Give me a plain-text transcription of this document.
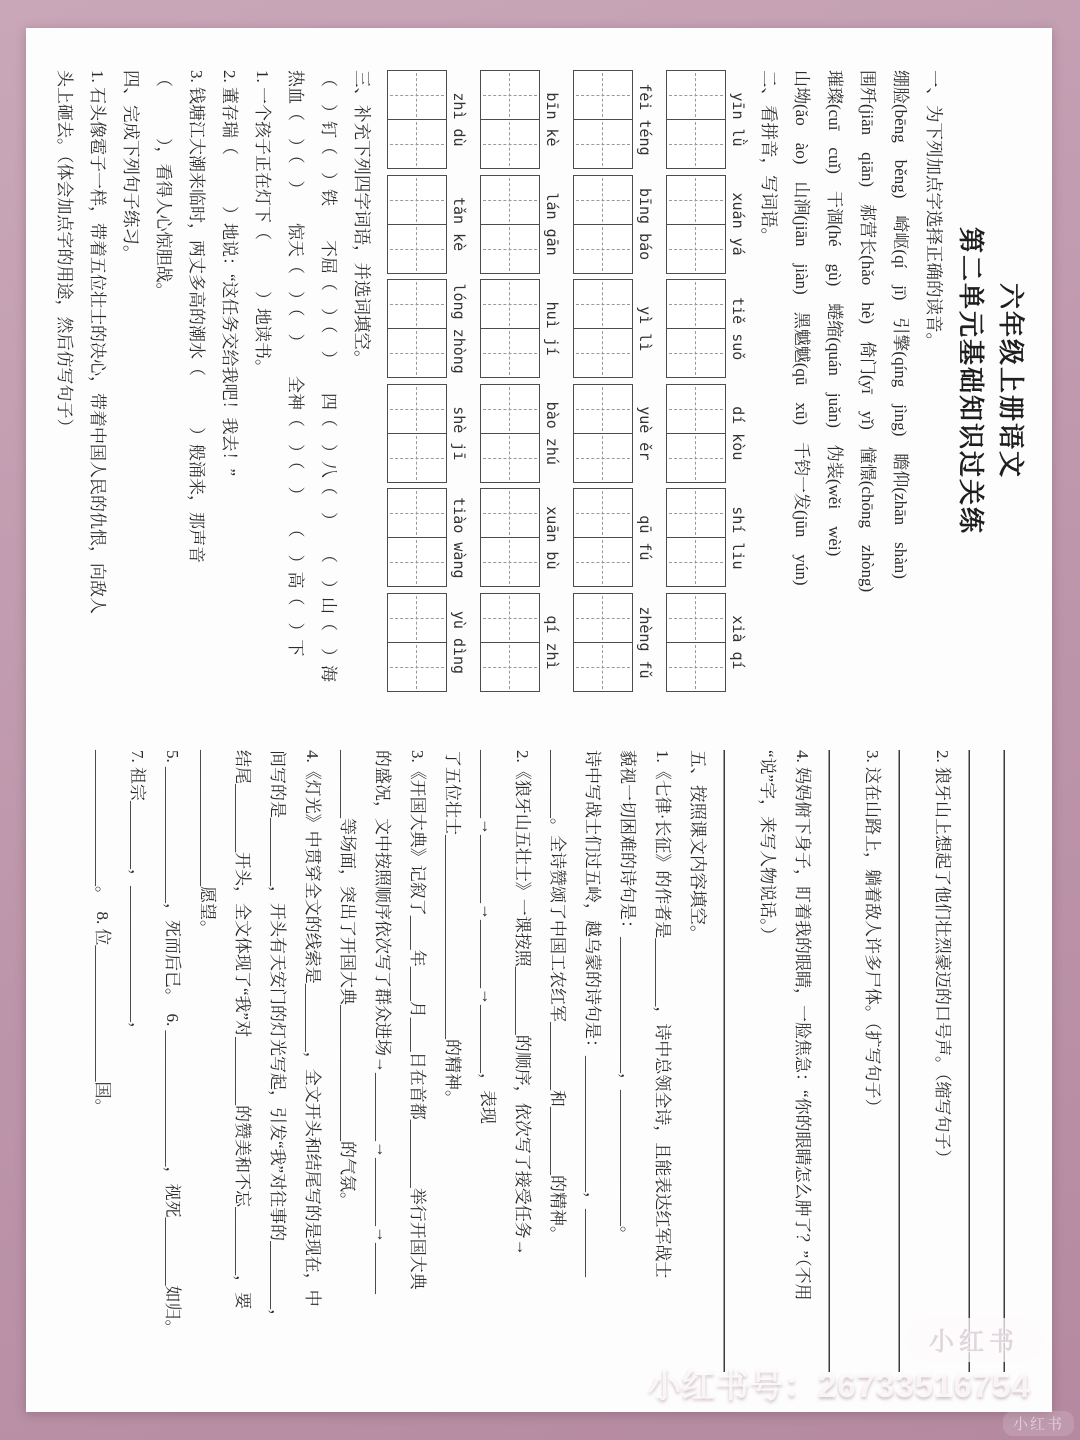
六年级上册语文
第二单元基础知识过关练
一、为下列加点字选择正确的读音。
绷脸(bēng　běng)　崎岖(qí　jī)　引擎(qíng　jìng)　瞻仰(zhān　shàn)
围歼(jiān　qiān)　郝营长(hǎo　hè)　倚门(yī　yǐ)　憧憬(chōng　zhòng)
璀璨(cuī　cuǐ)　干涸(hé　gù)　蜷缩(quán　juǎn)　伪装(wěi　wèi)
山坳(ǎo　ào)　山涧(jiān　jiàn)　黑魆魆(qū　xū)　千钧一发(jūn　yún)
二、看拼音，写词语。
yīn lǜ
xuán yá
tiě suǒ
dí kòu
shí liu
xià qí
fèi téng
bīng báo
yì lì
yuè ěr
qū fú
zhèng fǔ
bīn kè
lán gān
huì jí
bào zhú
xuān bù
qí zhì
zhì dù
tǎn kè
lóng zhòng
shè jī
tiào wàng
yù dìng
三、补充下列四字词语，并选词填空。
（　）钉（　）铁　　不屈（　）（　）　　四（　）八（　）　　（　）山（　）海
热血（　）（　）　　惊天（　）（　）　　全神（　）（　）　　（　）高（　）下
1. 一个孩子正在灯下（　　　）地读书。
2. 董存瑞（　　　）地说：“这任务交给我吧！我去！”
3. 钱塘江大潮来临时，两丈多高的潮水（　　　）般涌来，那声音
（　　　），看得人心惊胆战。
四、完成下列句子练习。
1. 石头像雹子一样，带着五位壮士的决心，带着中国人民的仇恨，向敌人
头上砸去。（体会加点字的用途，然后仿写句子）
2. 狼牙山上想起了他们壮烈豪迈的口号声。（缩写句子）
3. 这在山路上，躺着敌人许多尸体。（扩写句子）
4. 妈妈俯下身子，盯着我的眼睛，一脸焦急：“你的眼睛怎么肿了？”（不用
“说”字，来写人物说话。）
五、按照课文内容填空。
1.《七律·长征》的作者是________，诗中总领全诗，且能表达红军战士
藐视一切困难的诗句是：________________，________________。
诗中写战士们过五岭，越乌蒙的诗句是：________________，________
________。全诗赞颂了中国工农红军________和________的精神。
2.《狼牙山五壮士》一课按照________的顺序，依次写了接受任务→
________→________→________→________，表现
了五位壮士________________________的精神。
3.《开国大典》记叙了____年____月____日在首都________举行开国大典
的盛况，文中按照顺序依次写了群众进场→________→________→______
________等场面，突出了开国大典________________的气氛。
4.《灯光》中贯穿全文的线索是________，全文开头和结尾写的是现在，中
间写的是________，开头有天安门的灯光写起，引发“我”对往事的________，
结尾________开头，全文体现了“我”对________的赞美和不忘________，要
________________愿望。
5. ________________，死而后已。　6. ________________，视死________如归。
7. 祖宗________，________________，
________________。　8. 位________________国。
小红书
小红书号：26733516754
小红书
